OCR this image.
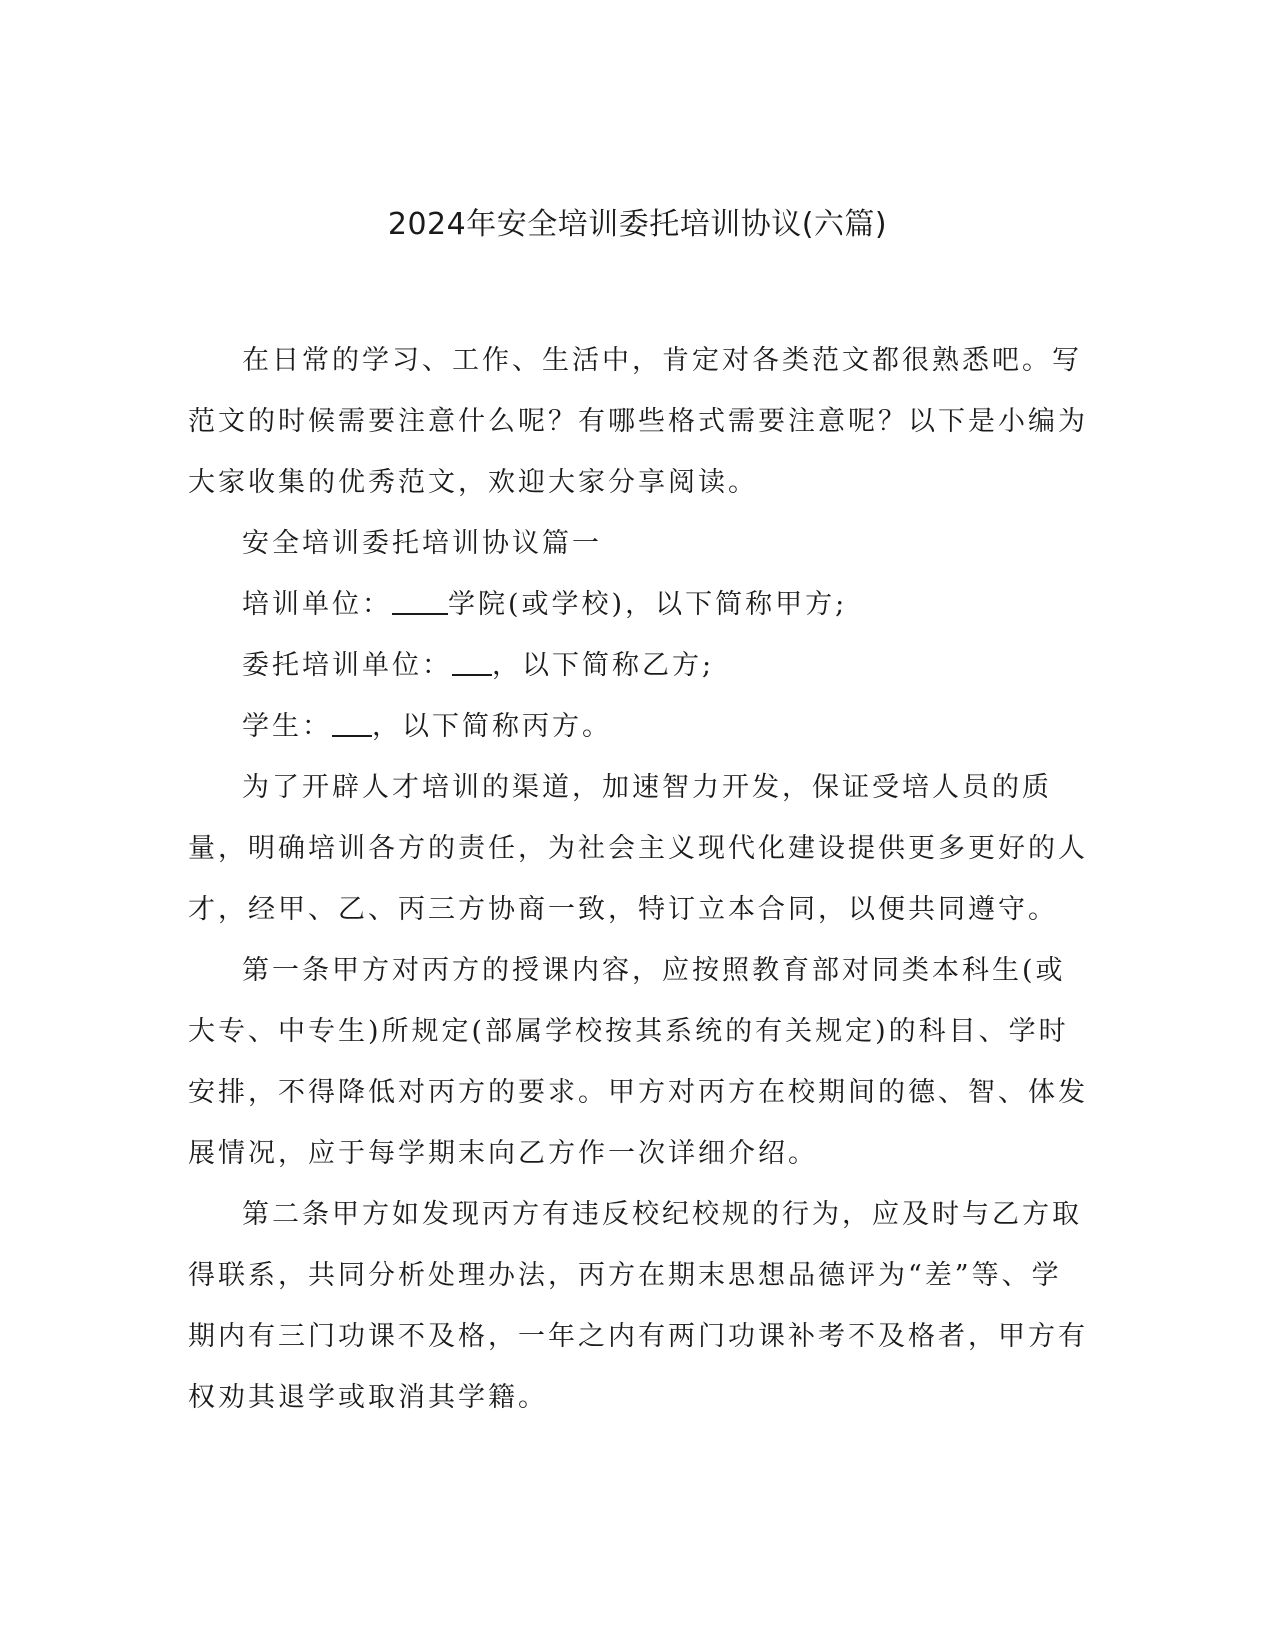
2024年安全培训委托培训协议(六篇)

在日常的学习、工作、生活中，肯定对各类范文都很熟悉吧。写范文的时候需要注意什么呢？有哪些格式需要注意呢？以下是小编为大家收集的优秀范文，欢迎大家分享阅读。

安全培训委托培训协议篇一

培训单位： 学院(或学校)，以下简称甲方;

委托培训单位： ，以下简称乙方;

学生： ，以下简称丙方。

为了开辟人才培训的渠道，加速智力开发，保证受培人员的质量，明确培训各方的责任，为社会主义现代化建设提供更多更好的人才，经甲、乙、丙三方协商一致，特订立本合同，以便共同遵守。

第一条甲方对丙方的授课内容，应按照教育部对同类本科生(或大专、中专生)所规定(部属学校按其系统的有关规定)的科目、学时安排，不得降低对丙方的要求。甲方对丙方在校期间的德、智、体发展情况，应于每学期末向乙方作一次详细介绍。

第二条甲方如发现丙方有违反校纪校规的行为，应及时与乙方取得联系，共同分析处理办法，丙方在期末思想品德评为“差”等、学期内有三门功课不及格，一年之内有两门功课补考不及格者，甲方有权劝其退学或取消其学籍。
